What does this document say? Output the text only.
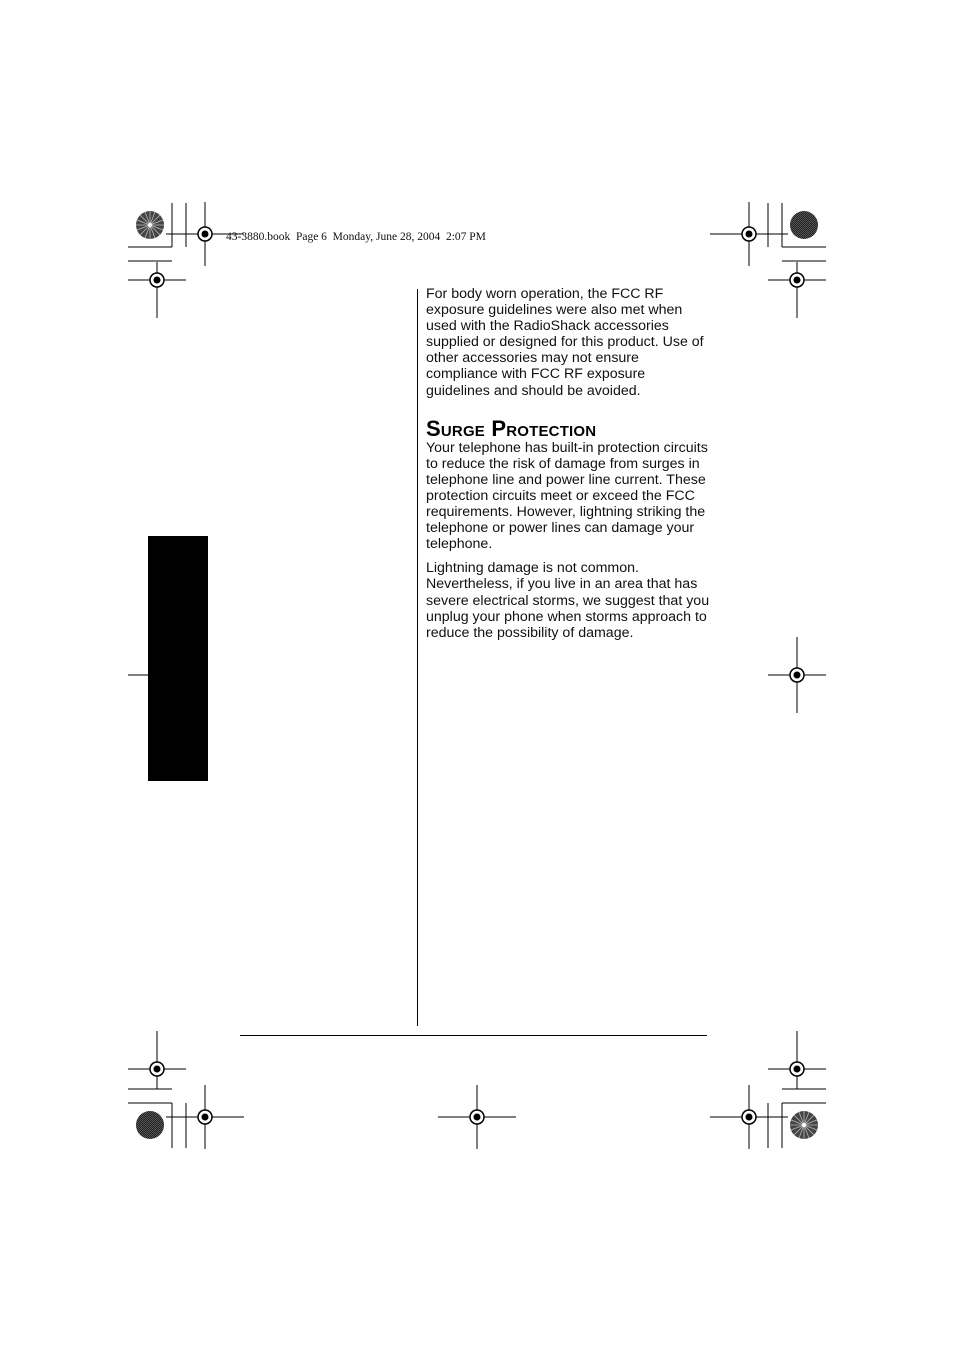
43-3880.book  Page 6  Monday, June 28, 2004  2:07 PM

For body worn operation, the FCC RF exposure guidelines were also met when used with the RadioShack accessories supplied or designed for this product. Use of other accessories may not ensure compliance with FCC RF exposure guidelines and should be avoided.

Surge Protection

Your telephone has built-in protection circuits to reduce the risk of damage from surges in telephone line and power line current. These protection circuits meet or exceed the FCC requirements. However, lightning striking the telephone or power lines can damage your telephone.

Lightning damage is not common. Nevertheless, if you live in an area that has severe electrical storms, we suggest that you unplug your phone when storms approach to reduce the possibility of damage.
